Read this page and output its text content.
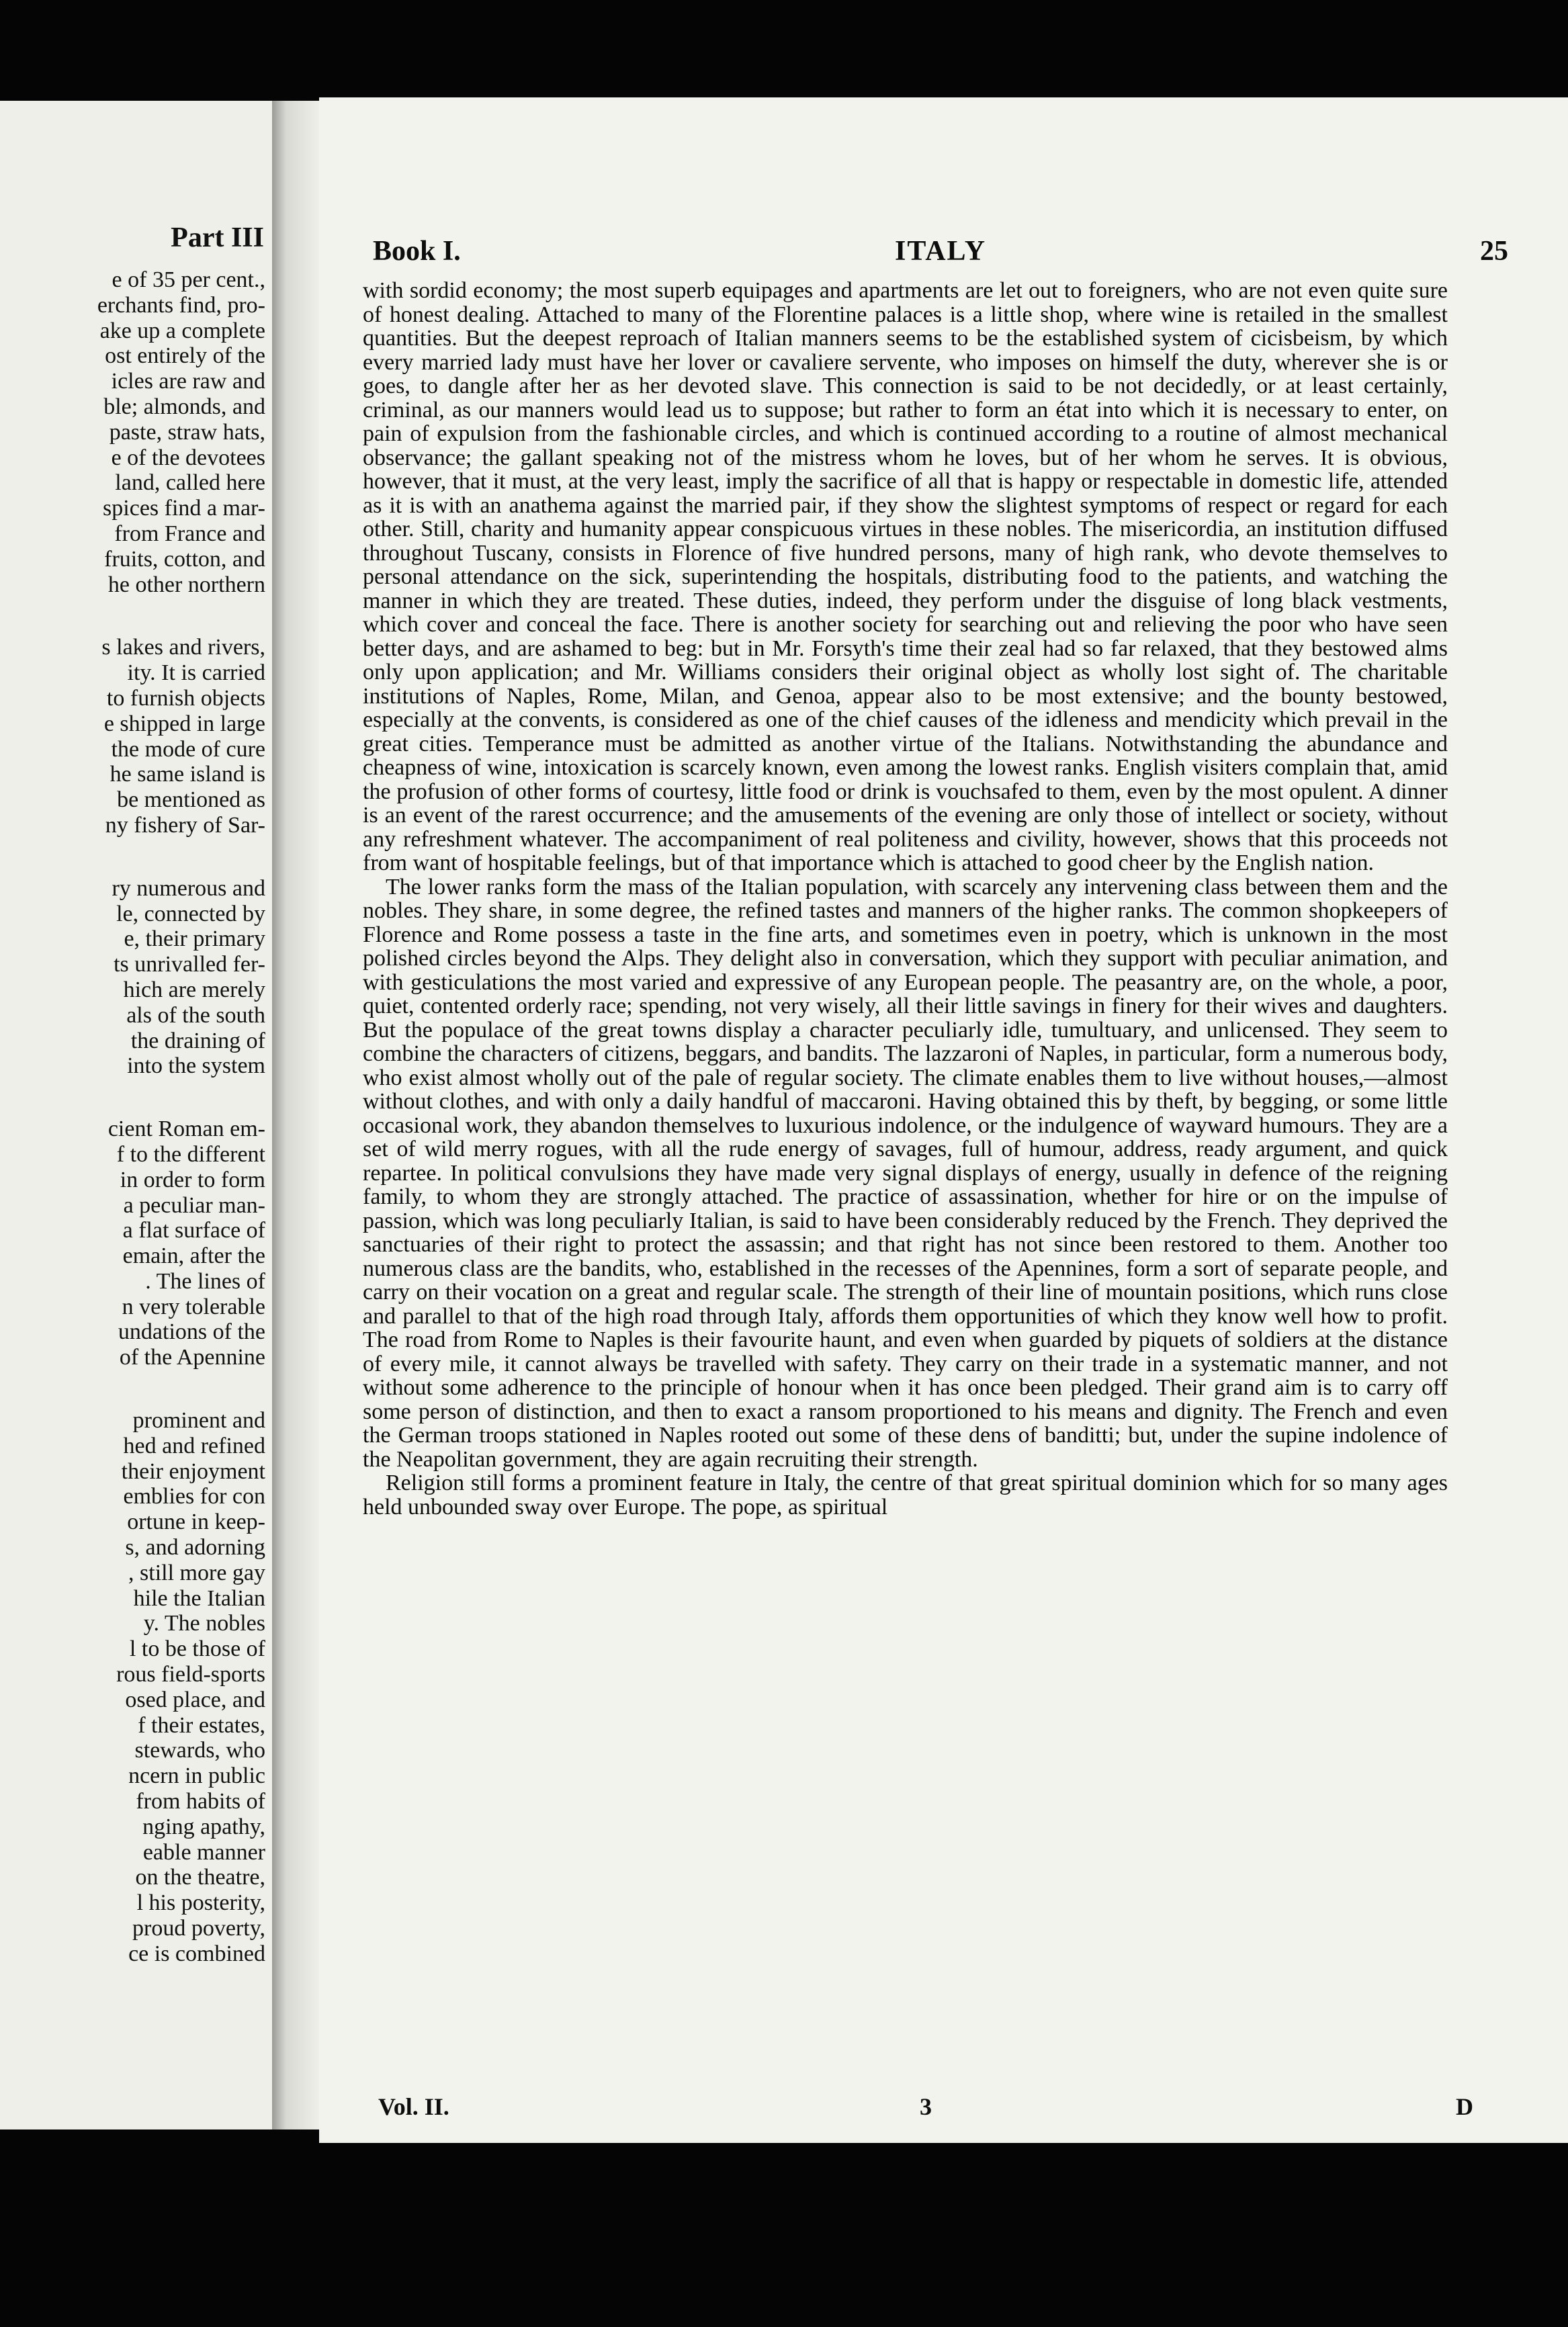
Part III
e of 35 per cent.,
erchants find, pro-
ake up a complete
ost entirely of the
icles are raw and
ble; almonds, and
paste, straw hats,
e of the devotees
land, called here
spices find a mar-
from France and
fruits, cotton, and
he other northern
s lakes and rivers,
ity. It is carried
to furnish objects
e shipped in large
the mode of cure
he same island is
be mentioned as
ny fishery of Sar-
ry numerous and
le, connected by
e, their primary
ts unrivalled fer-
hich are merely
als of the south
the draining of
into the system
cient Roman em-
f to the different
in order to form
a peculiar man-
a flat surface of
emain, after the
. The lines of
n very tolerable
undations of the
of the Apennine
prominent and
hed and refined
their enjoyment
emblies for con
ortune in keep-
s, and adorning
, still more gay
hile the Italian
y. The nobles
l to be those of
rous field-sports
osed place, and
f their estates,
stewards, who
ncern in public
from habits of
nging apathy,
eable manner
on the theatre,
l his posterity,
proud poverty,
ce is combined
Book I.	ITALY	25

with sordid economy; the most superb equipages and apartments are let out to foreigners, who are not even quite sure of honest dealing. Attached to many of the Florentine palaces is a little shop, where wine is retailed in the smallest quantities. But the deepest reproach of Italian manners seems to be the established system of cicisbeism, by which every married lady must have her lover or cavaliere servente, who imposes on himself the duty, wherever she is or goes, to dangle after her as her devoted slave. This connection is said to be not decidedly, or at least certainly, criminal, as our manners would lead us to suppose; but rather to form an état into which it is necessary to enter, on pain of expulsion from the fashionable circles, and which is continued according to a routine of almost mechanical observance; the gallant speaking not of the mistress whom he loves, but of her whom he serves. It is obvious, however, that it must, at the very least, imply the sacrifice of all that is happy or respectable in domestic life, attended as it is with an anathema against the married pair, if they show the slightest symptoms of respect or regard for each other. Still, charity and humanity appear conspicuous virtues in these nobles. The misericordia, an institution diffused throughout Tuscany, consists in Florence of five hundred persons, many of high rank, who devote themselves to personal attendance on the sick, superintending the hospitals, distributing food to the patients, and watching the manner in which they are treated. These duties, indeed, they perform under the disguise of long black vestments, which cover and conceal the face. There is another society for searching out and relieving the poor who have seen better days, and are ashamed to beg: but in Mr. Forsyth's time their zeal had so far relaxed, that they bestowed alms only upon application; and Mr. Williams considers their original object as wholly lost sight of. The charitable institutions of Naples, Rome, Milan, and Genoa, appear also to be most extensive; and the bounty bestowed, especially at the convents, is considered as one of the chief causes of the idleness and mendicity which prevail in the great cities. Temperance must be admitted as another virtue of the Italians. Notwithstanding the abundance and cheapness of wine, intoxication is scarcely known, even among the lowest ranks. English visiters complain that, amid the profusion of other forms of courtesy, little food or drink is vouchsafed to them, even by the most opulent. A dinner is an event of the rarest occurrence; and the amusements of the evening are only those of intellect or society, without any refreshment whatever. The accompaniment of real politeness and civility, however, shows that this proceeds not from want of hospitable feelings, but of that importance which is attached to good cheer by the English nation.

The lower ranks form the mass of the Italian population, with scarcely any intervening class between them and the nobles. They share, in some degree, the refined tastes and manners of the higher ranks. The common shopkeepers of Florence and Rome possess a taste in the fine arts, and sometimes even in poetry, which is unknown in the most polished circles beyond the Alps. They delight also in conversation, which they support with peculiar animation, and with gesticulations the most varied and expressive of any European people. The peasantry are, on the whole, a poor, quiet, contented orderly race; spending, not very wisely, all their little savings in finery for their wives and daughters. But the populace of the great towns display a character peculiarly idle, tumultuary, and unlicensed. They seem to combine the characters of citizens, beggars, and bandits. The lazzaroni of Naples, in particular, form a numerous body, who exist almost wholly out of the pale of regular society. The climate enables them to live without houses,—almost without clothes, and with only a daily handful of maccaroni. Having obtained this by theft, by begging, or some little occasional work, they abandon themselves to luxurious indolence, or the indulgence of wayward humours. They are a set of wild merry rogues, with all the rude energy of savages, full of humour, address, ready argument, and quick repartee. In political convulsions they have made very signal displays of energy, usually in defence of the reigning family, to whom they are strongly attached. The practice of assassination, whether for hire or on the impulse of passion, which was long peculiarly Italian, is said to have been considerably reduced by the French. They deprived the sanctuaries of their right to protect the assassin; and that right has not since been restored to them. Another too numerous class are the bandits, who, established in the recesses of the Apennines, form a sort of separate people, and carry on their vocation on a great and regular scale. The strength of their line of mountain positions, which runs close and parallel to that of the high road through Italy, affords them opportunities of which they know well how to profit. The road from Rome to Naples is their favourite haunt, and even when guarded by piquets of soldiers at the distance of every mile, it cannot always be travelled with safety. They carry on their trade in a systematic manner, and not without some adherence to the principle of honour when it has once been pledged. Their grand aim is to carry off some person of distinction, and then to exact a ransom proportioned to his means and dignity. The French and even the German troops stationed in Naples rooted out some of these dens of banditti; but, under the supine indolence of the Neapolitan government, they are again recruiting their strength.

Religion still forms a prominent feature in Italy, the centre of that great spiritual dominion which for so many ages held unbounded sway over Europe. The pope, as spiritual

Vol. II.	3	D
